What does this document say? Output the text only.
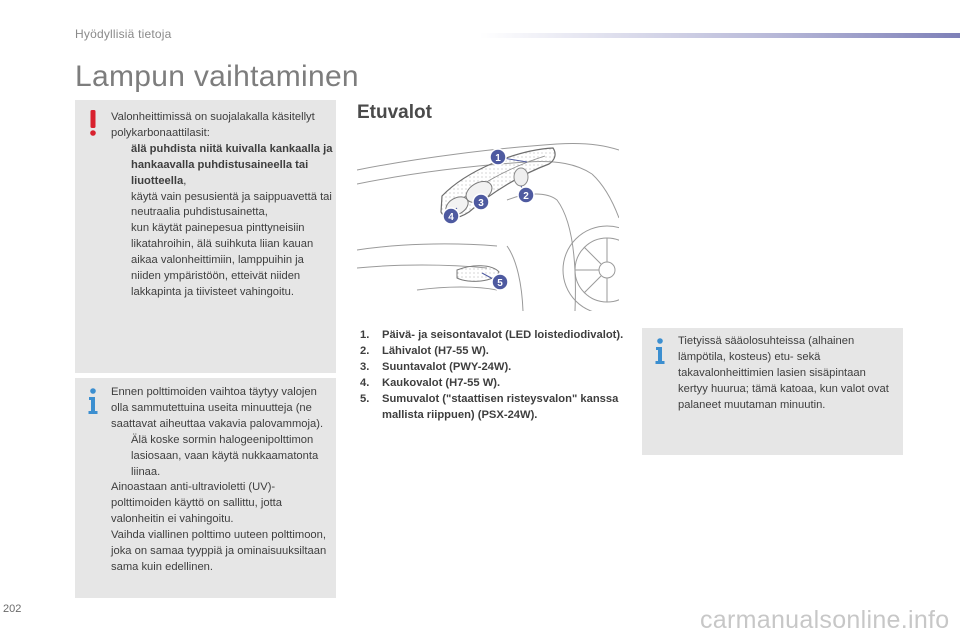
Hyödyllisiä tietoja
Lampun vaihtaminen

Valonheittimissä on suojalakalla käsitellyt polykarbonaattilasit:

älä puhdista niitä kuivalla kankaalla ja hankaavalla puhdistusaineella tai liuotteella,
käytä vain pesusientä ja saippuavettä tai neutraalia puhdistusainetta,
kun käytät painepesua pinttyneisiin likatahroihin, älä suihkuta liian kauan aikaa valonheittimiin, lamppuihin ja niiden ympäristöön, etteivät niiden lakkapinta ja tiivisteet vahingoitu.

Ennen polttimoiden vaihtoa täytyy valojen olla sammutettuina useita minuutteja (ne saattavat aiheuttaa vakavia palovammoja).

Älä koske sormin halogeenipolttimon lasiosaan, vaan käytä nukkaamatonta liinaa.

Ainoastaan anti-ultravioletti (UV)-polttimoiden käyttö on sallittu, jotta valonheitin ei vahingoitu.

Vaihda viallinen polttimo uuteen polttimoon, joka on samaa tyyppiä ja ominaisuuksiltaan sama kuin edellinen.

Etuvalot
1
2
3
4
5
1. Päivä- ja seisontavalot (LED loistediodivalot).
2. Lähivalot (H7-55 W).
3. Suuntavalot (PWY-24W).
4. Kaukovalot (H7-55 W).
5. Sumuvalot ("staattisen risteysvalon" kanssa mallista riippuen) (PSX-24W).

Tietyissä sääolosuhteissa (alhainen lämpötila, kosteus) etu- sekä takavalonheittimien lasien sisäpintaan kertyy huurua; tämä katoaa, kun valot ovat palaneet muutaman minuutin.

202	carmanualsonline.info
